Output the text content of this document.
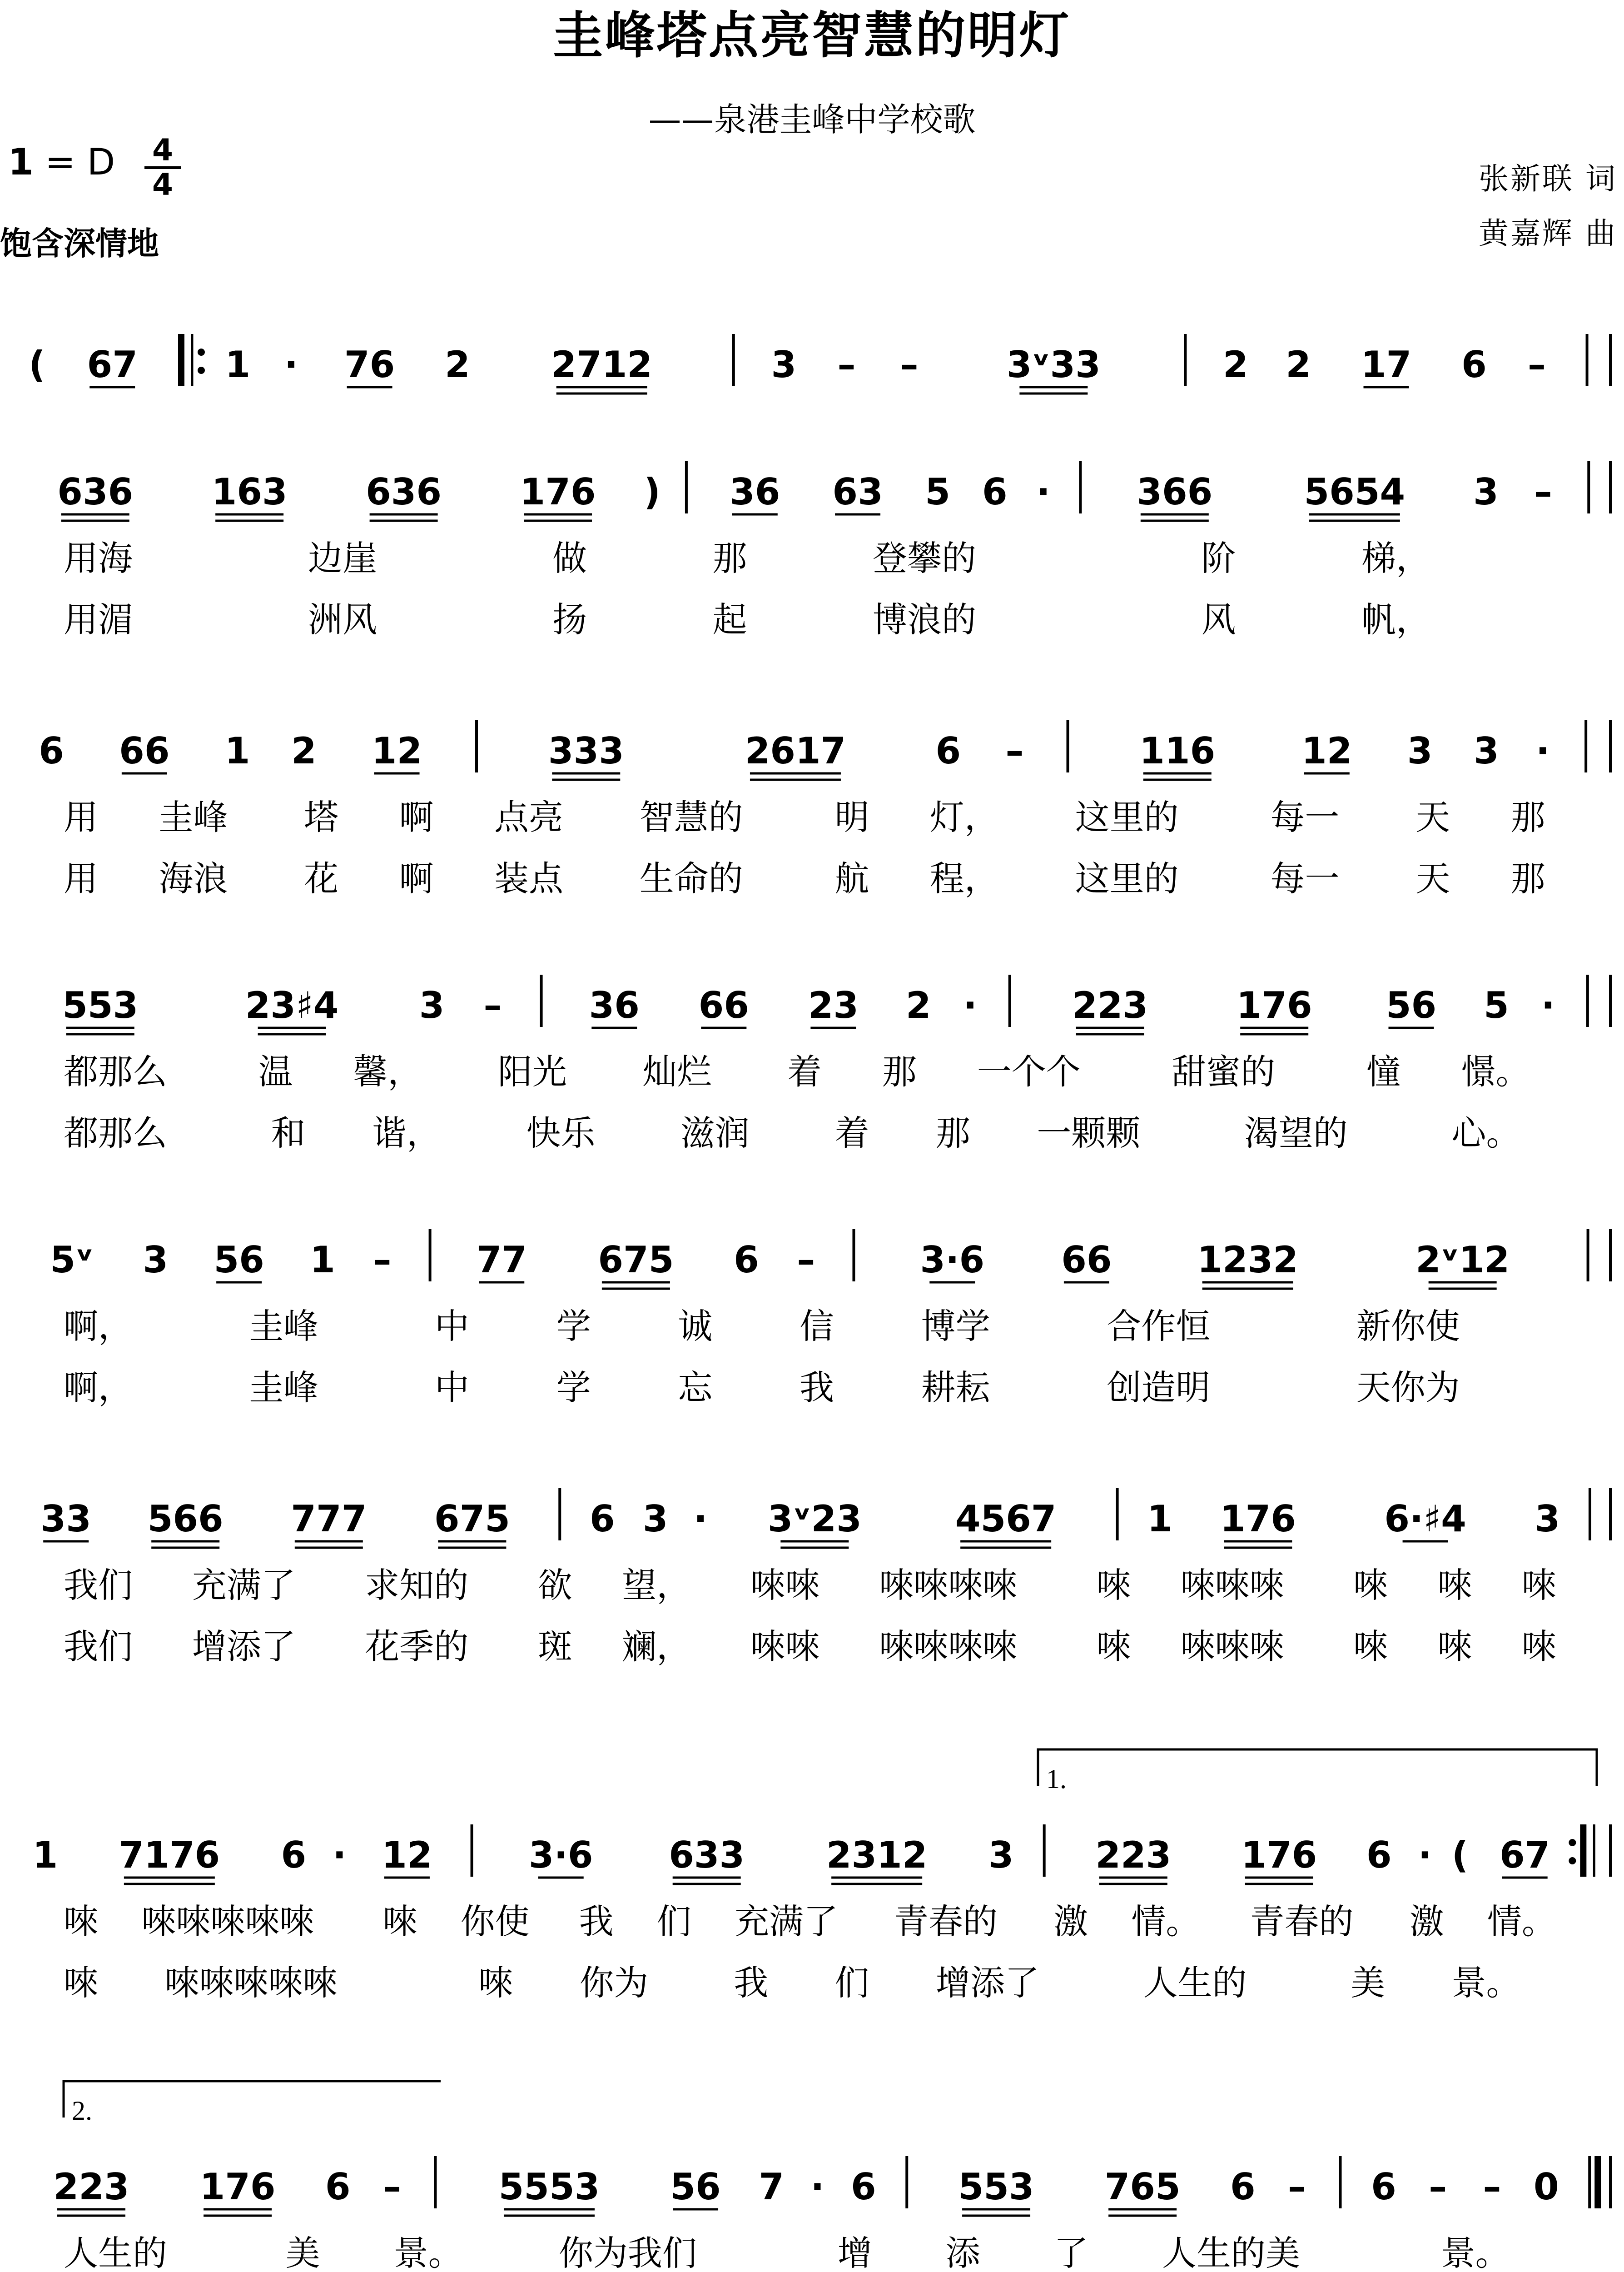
圭峰塔点亮智慧的明灯
——泉港圭峰中学校歌
1 = D 4
4
饱含深情地
张新联 词
黄嘉辉 曲
( 67 1 · 76 2 2712	3 – – 3ᵛ33	2 2 17 6 –
636 163 636 176 ) 36 63 5 6 · 366	5654 3 –
用海	边崖	做	那	登攀的	阶	梯，
用湄	洲风	扬	起	博浪的	风	帆，
6 66 1 2 12	333	2617 6 –	116 12 3 3 ·
用 圭峰 塔 啊 点亮 智慧的	明 灯， 这里的	每一 天 那
用 海浪 花 啊 装点 生命的	航 程， 这里的	每一 天 那
553	23♯4 3 – 36 66 23 2 ·	223 176 56 5 ·
都那么	温 馨， 阳光 灿烂 着 那 一个个	甜蜜的	憧 憬。
都那么	和 谐， 快乐 滋润 着 那 一颗颗	渴望的	心。
5ᵛ 3 56 1 – 77 675 6 –	3·6 66 1232	2ᵛ12
啊，	圭峰	中	学	诚	信	博学	合作恒	新你使
啊，	圭峰	中	学	忘	我	耕耘	创造明	天你为
33 566 777 675 6 3 · 3ᵛ23	4567 1 176 6·♯4 3
我们 充满了 求知的 欲 望， 唻唻 唻唻唻唻 唻 唻唻唻 唻 唻 唻
我们 增添了 花季的 斑 斓， 唻唻 唻唻唻唻 唻 唻唻唻 唻 唻 唻
1.
1 7176 6 · 12	3·6 633 2312 3 223 176 6 · ( 67
唻 唻唻唻唻唻 唻 你使 我 们 充满了 青春的 激 情。 青春的 激 情。
唻 唻唻唻唻唻	唻 你为 我 们 增添了	人生的	美 景。
2.
223 176 6 –	5553 56 7 · 6 553 765 6 – 6 – – 0
人生的	美 景。	你为我们	增 添 了 人生的美	景。
